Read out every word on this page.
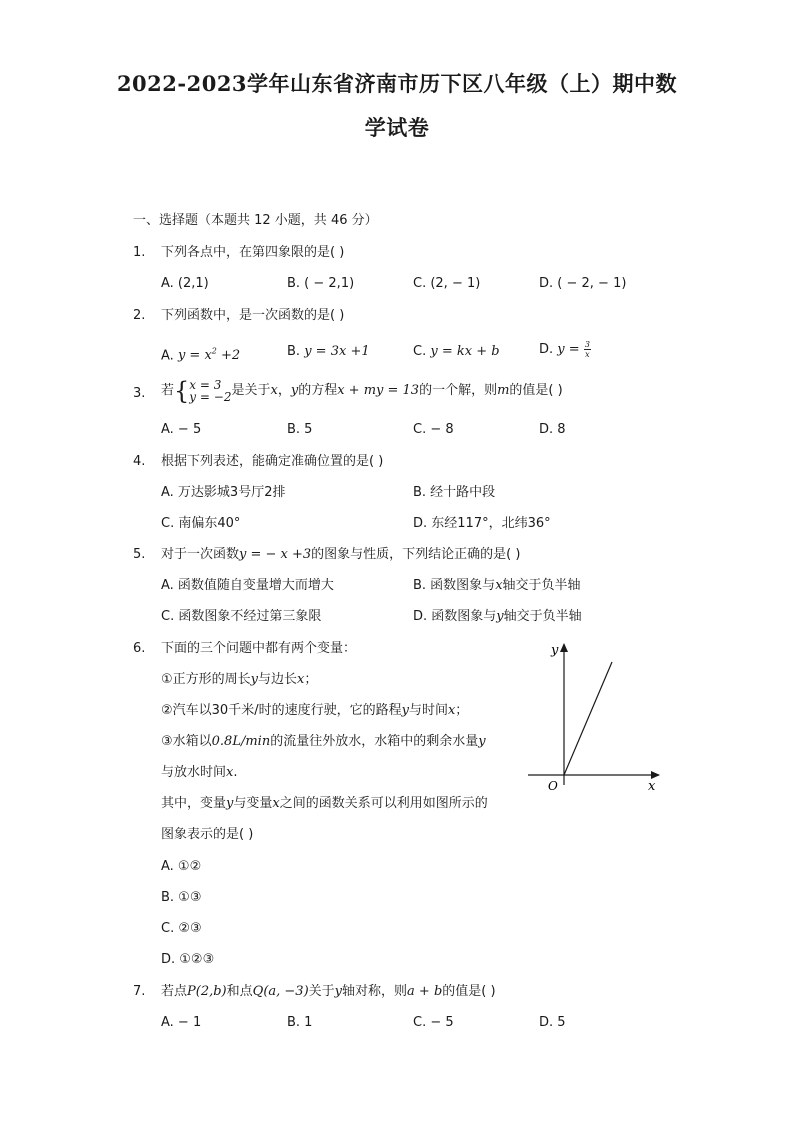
2022-2023学年山东省济南市历下区八年级（上）期中数
学试卷
一、选择题（本题共 12 小题，共 46 分）
1. 下列各点中，在第四象限的是( )
A. (2,1)	B. ( − 2,1)	C. (2, − 1)	D. ( − 2, − 1)
2. 下列函数中，是一次函数的是( )
A. $y = x^2 +2$	B. y = 3x +1	C. y = kx + b	D. $y = \frac{3}{x}$
3. 若{ x = 3
y = −2 是关于x，y的方程x + my = 13的一个解，则m的值是( )
A. − 5	B. 5	C. − 8	D. 8
4. 根据下列表述，能确定准确位置的是( )
A. 万达影城3号厅2排	B. 经十路中段
C. 南偏东40°	D. 东经117°，北纬36°
5. 对于一次函数y = − x +3的图象与性质，下列结论正确的是( )
A. 函数值随自变量增大而增大	B. 函数图象与x轴交于负半轴
C. 函数图象不经过第三象限	D. 函数图象与y轴交于负半轴
6. 下面的三个问题中都有两个变量：
①正方形的周长y与边长x；
②汽车以30千米/时的速度行驶，它的路程y与时间x；
③水箱以0.8L/min的流量往外放水，水箱中的剩余水量y
与放水时间x.
其中，变量y与变量x之间的函数关系可以利用如图所示的
图象表示的是( )
A. ①②
B. ①③
C. ②③
D. ①②③
y
x
O
7. 若点P(2,b)和点Q(a, −3)关于y轴对称，则a + b的值是( )
A. − 1	B. 1	C. − 5	D. 5
